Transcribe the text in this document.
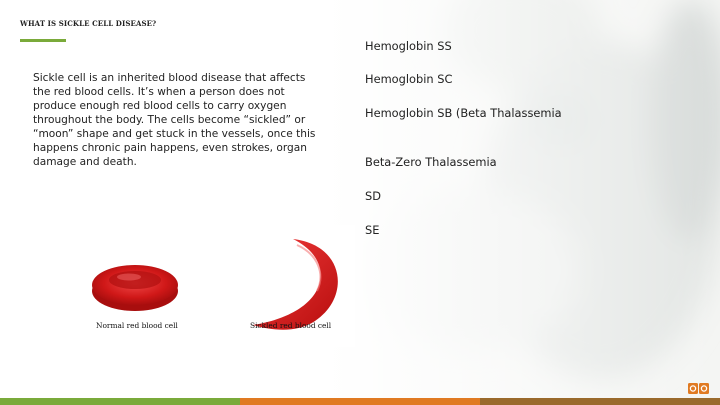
WHAT IS SICKLE CELL DISEASE?

Sickle cell is an inherited blood disease that affects the red blood cells. It’s when a person does not produce enough red blood cells to carry oxygen throughout the body. The cells become “sickled” or “moon” shape and get stuck in the vessels, once this happens chronic pain happens, even strokes, organ damage and death.

Hemoglobin SS
Hemoglobin SC
Hemoglobin SB (Beta Thalassemia
Beta-Zero Thalassemia
SD
SE
Normal red blood cell	Sickled red blood cell
